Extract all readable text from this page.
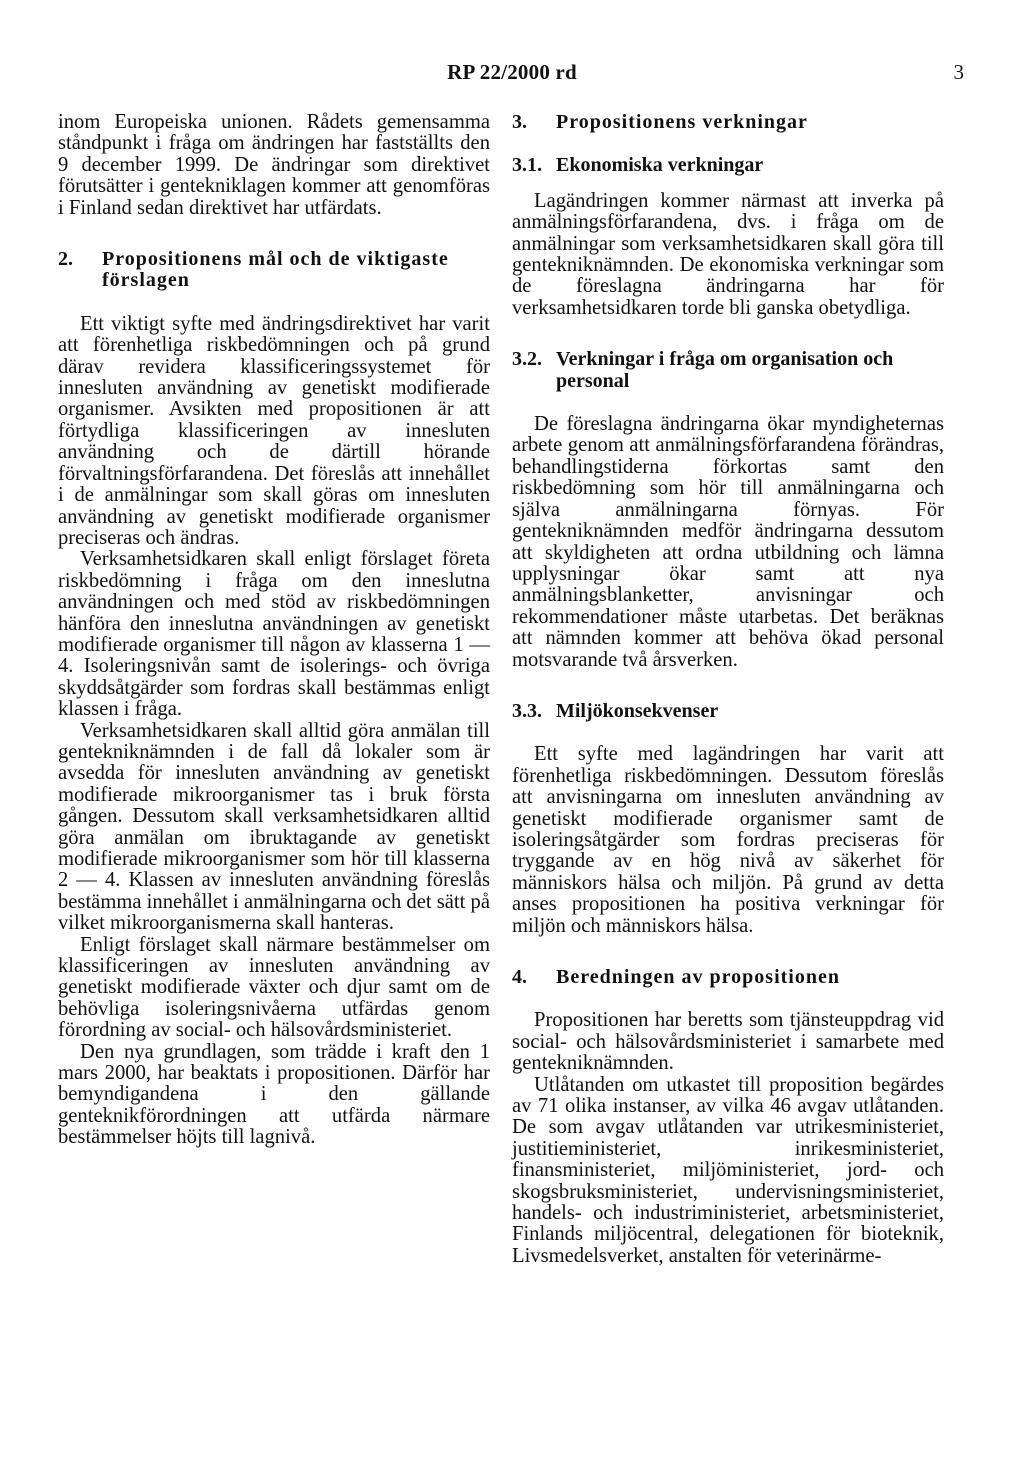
RP 22/2000 rd	3

inom Europeiska unionen. Rådets gemensamma ståndpunkt i fråga om ändringen har fastställts den 9 december 1999. De ändringar som direktivet förutsätter i gentekniklagen kommer att genomföras i Finland sedan direktivet har utfärdats.

2.	Propositionens mål och de viktigaste förslagen

Ett viktigt syfte med ändringsdirektivet har varit att förenhetliga riskbedömningen och på grund därav revidera klassificeringssystemet för innesluten användning av genetiskt modifierade organismer. Avsikten med propositionen är att förtydliga klassificeringen av innesluten användning och de därtill hörande förvaltningsförfarandena. Det föreslås att innehållet i de anmälningar som skall göras om innesluten användning av genetiskt modifierade organismer preciseras och ändras.

Verksamhetsidkaren skall enligt förslaget företa riskbedömning i fråga om den inneslutna användningen och med stöd av riskbedömningen hänföra den inneslutna användningen av genetiskt modifierade organismer till någon av klasserna 1 — 4. Isoleringsnivån samt de isolerings- och övriga skyddsåtgärder som fordras skall bestämmas enligt klassen i fråga.

Verksamhetsidkaren skall alltid göra anmälan till gentekniknämnden i de fall då lokaler som är avsedda för innesluten användning av genetiskt modifierade mikroorganismer tas i bruk första gången. Dessutom skall verksamhetsidkaren alltid göra anmälan om ibruktagande av genetiskt modifierade mikroorganismer som hör till klasserna 2 — 4. Klassen av innesluten användning föreslås bestämma innehållet i anmälningarna och det sätt på vilket mikroorganismerna skall hanteras.

Enligt förslaget skall närmare bestämmelser om klassificeringen av innesluten användning av genetiskt modifierade växter och djur samt om de behövliga isoleringsnivåerna utfärdas genom förordning av social- och hälsovårdsministeriet.

Den nya grundlagen, som trädde i kraft den 1 mars 2000, har beaktats i propositionen. Därför har bemyndigandena i den gällande genteknikförordningen att utfärda närmare bestämmelser höjts till lagnivå.

3.	Propositionens verkningar
3.1. Ekonomiska verkningar

Lagändringen kommer närmast att inverka på anmälningsförfarandena, dvs. i fråga om de anmälningar som verksamhetsidkaren skall göra till gentekniknämnden. De ekonomiska verkningar som de föreslagna ändringarna har för verksamhetsidkaren torde bli ganska obetydliga.

3.2. Verkningar i fråga om organisation och personal

De föreslagna ändringarna ökar myndigheternas arbete genom att anmälningsförfarandena förändras, behandlingstiderna förkortas samt den riskbedömning som hör till anmälningarna och själva anmälningarna förnyas. För gentekniknämnden medför ändringarna dessutom att skyldigheten att ordna utbildning och lämna upplysningar ökar samt att nya anmälningsblanketter, anvisningar och rekommendationer måste utarbetas. Det beräknas att nämnden kommer att behöva ökad personal motsvarande två årsverken.

3.3. Miljökonsekvenser

Ett syfte med lagändringen har varit att förenhetliga riskbedömningen. Dessutom föreslås att anvisningarna om innesluten användning av genetiskt modifierade organismer samt de isoleringsåtgärder som fordras preciseras för tryggande av en hög nivå av säkerhet för människors hälsa och miljön. På grund av detta anses propositionen ha positiva verkningar för miljön och människors hälsa.

4.	Beredningen av propositionen

Propositionen har beretts som tjänsteuppdrag vid social- och hälsovårdsministeriet i samarbete med gentekniknämnden.

Utlåtanden om utkastet till proposition begärdes av 71 olika instanser, av vilka 46 avgav utlåtanden. De som avgav utlåtanden var utrikesministeriet, justitieministeriet, inrikesministeriet, finansministeriet, miljöministeriet, jord- och skogsbruksministeriet, undervisningsministeriet, handels- och industriministeriet, arbetsministeriet, Finlands miljöcentral, delegationen för bioteknik, Livsmedelsverket, anstalten för veterinärme-
